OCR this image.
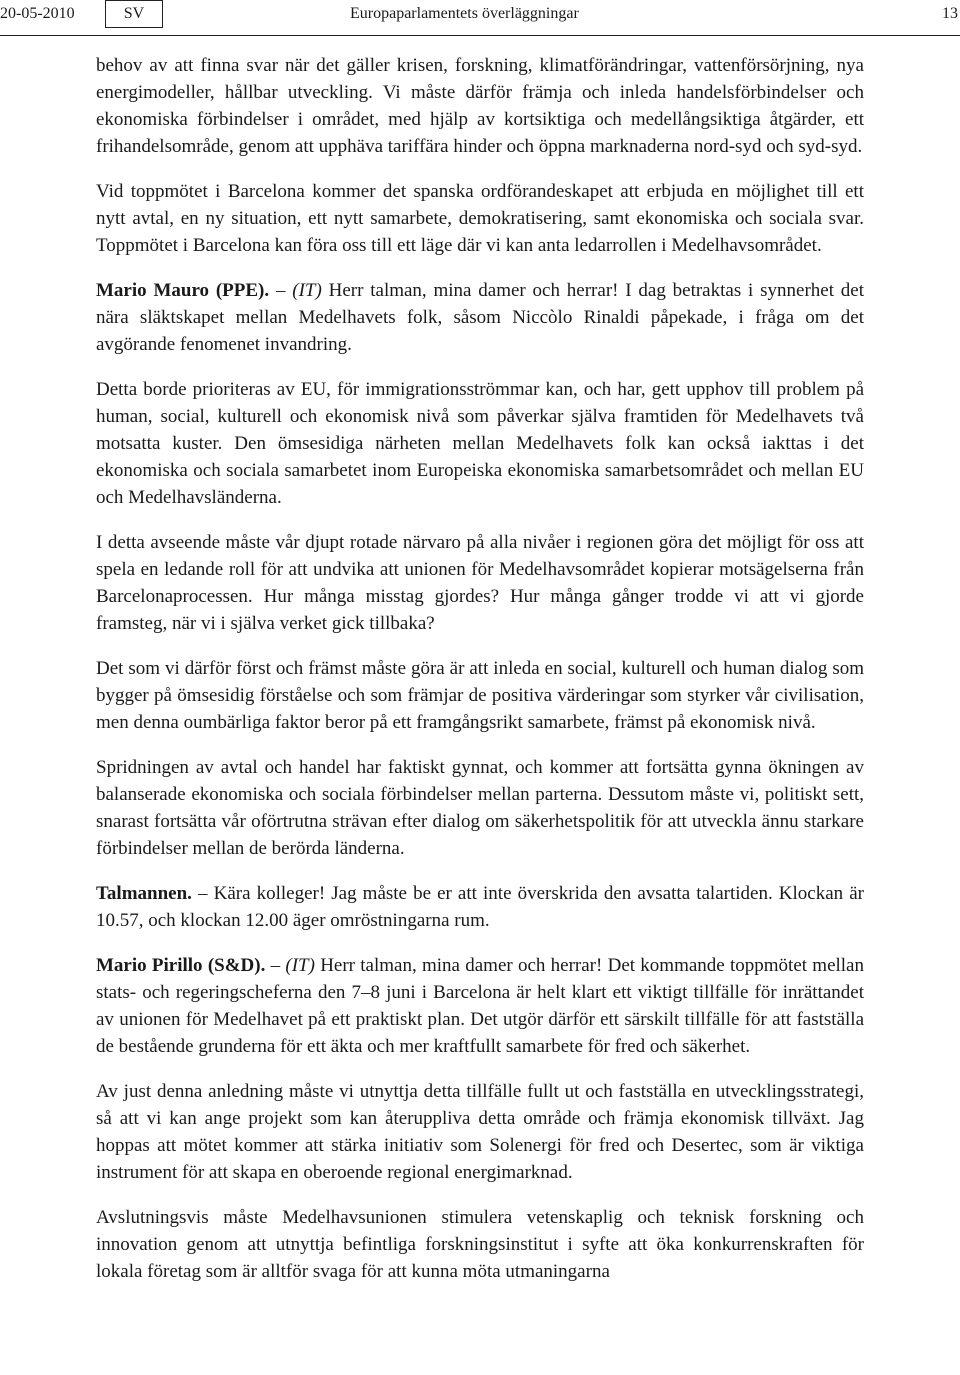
20-05-2010	SV	Europaparlamentets överläggningar	13

behov av att finna svar när det gäller krisen, forskning, klimatförändringar, vattenförsörjning, nya energimodeller, hållbar utveckling. Vi måste därför främja och inleda handelsförbindelser och ekonomiska förbindelser i området, med hjälp av kortsiktiga och medellångsiktiga åtgärder, ett frihandelsområde, genom att upphäva tariffära hinder och öppna marknaderna nord-syd och syd-syd.

Vid toppmötet i Barcelona kommer det spanska ordförandeskapet att erbjuda en möjlighet till ett nytt avtal, en ny situation, ett nytt samarbete, demokratisering, samt ekonomiska och sociala svar. Toppmötet i Barcelona kan föra oss till ett läge där vi kan anta ledarrollen i Medelhavsområdet.

Mario Mauro (PPE). – (IT) Herr talman, mina damer och herrar! I dag betraktas i synnerhet det nära släktskapet mellan Medelhavets folk, såsom Niccòlo Rinaldi påpekade, i fråga om det avgörande fenomenet invandring.

Detta borde prioriteras av EU, för immigrationsströmmar kan, och har, gett upphov till problem på human, social, kulturell och ekonomisk nivå som påverkar själva framtiden för Medelhavets två motsatta kuster. Den ömsesidiga närheten mellan Medelhavets folk kan också iakttas i det ekonomiska och sociala samarbetet inom Europeiska ekonomiska samarbetsområdet och mellan EU och Medelhavsländerna.

I detta avseende måste vår djupt rotade närvaro på alla nivåer i regionen göra det möjligt för oss att spela en ledande roll för att undvika att unionen för Medelhavsområdet kopierar motsägelserna från Barcelonaprocessen. Hur många misstag gjordes? Hur många gånger trodde vi att vi gjorde framsteg, när vi i själva verket gick tillbaka?

Det som vi därför först och främst måste göra är att inleda en social, kulturell och human dialog som bygger på ömsesidig förståelse och som främjar de positiva värderingar som styrker vår civilisation, men denna oumbärliga faktor beror på ett framgångsrikt samarbete, främst på ekonomisk nivå.

Spridningen av avtal och handel har faktiskt gynnat, och kommer att fortsätta gynna ökningen av balanserade ekonomiska och sociala förbindelser mellan parterna. Dessutom måste vi, politiskt sett, snarast fortsätta vår oförtrutna strävan efter dialog om säkerhetspolitik för att utveckla ännu starkare förbindelser mellan de berörda länderna.

Talmannen. – Kära kolleger! Jag måste be er att inte överskrida den avsatta talartiden. Klockan är 10.57, och klockan 12.00 äger omröstningarna rum.

Mario Pirillo (S&D). – (IT) Herr talman, mina damer och herrar! Det kommande toppmötet mellan stats- och regeringscheferna den 7–8 juni i Barcelona är helt klart ett viktigt tillfälle för inrättandet av unionen för Medelhavet på ett praktiskt plan. Det utgör därför ett särskilt tillfälle för att fastställa de bestående grunderna för ett äkta och mer kraftfullt samarbete för fred och säkerhet.

Av just denna anledning måste vi utnyttja detta tillfälle fullt ut och fastställa en utvecklingsstrategi, så att vi kan ange projekt som kan återuppliva detta område och främja ekonomisk tillväxt. Jag hoppas att mötet kommer att stärka initiativ som Solenergi för fred och Desertec, som är viktiga instrument för att skapa en oberoende regional energimarknad.

Avslutningsvis måste Medelhavsunionen stimulera vetenskaplig och teknisk forskning och innovation genom att utnyttja befintliga forskningsinstitut i syfte att öka konkurrenskraften för lokala företag som är alltför svaga för att kunna möta utmaningarna
